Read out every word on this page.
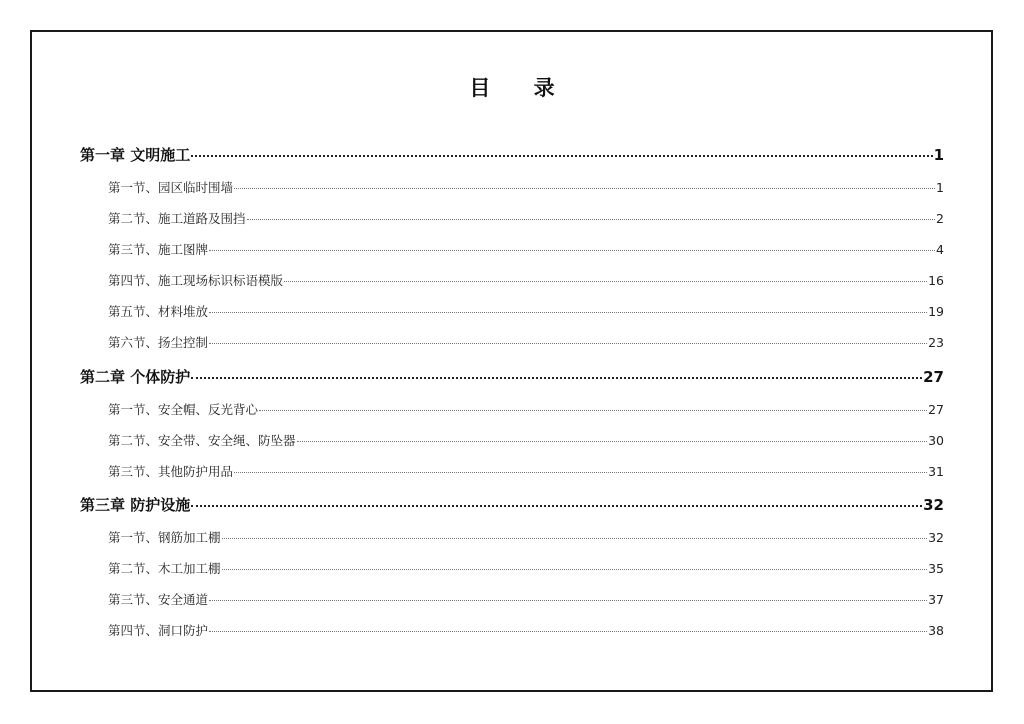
目 录
第一章 文明施工	1
第一节、园区临时围墙	1
第二节、施工道路及围挡	2
第三节、施工图牌	4
第四节、施工现场标识标语模版	16
第五节、材料堆放	19
第六节、扬尘控制	23
第二章 个体防护	27
第一节、安全帽、反光背心	27
第二节、安全带、安全绳、防坠器	30
第三节、其他防护用品	31
第三章 防护设施	32
第一节、钢筋加工棚	32
第二节、木工加工棚	35
第三节、安全通道	37
第四节、洞口防护	38
